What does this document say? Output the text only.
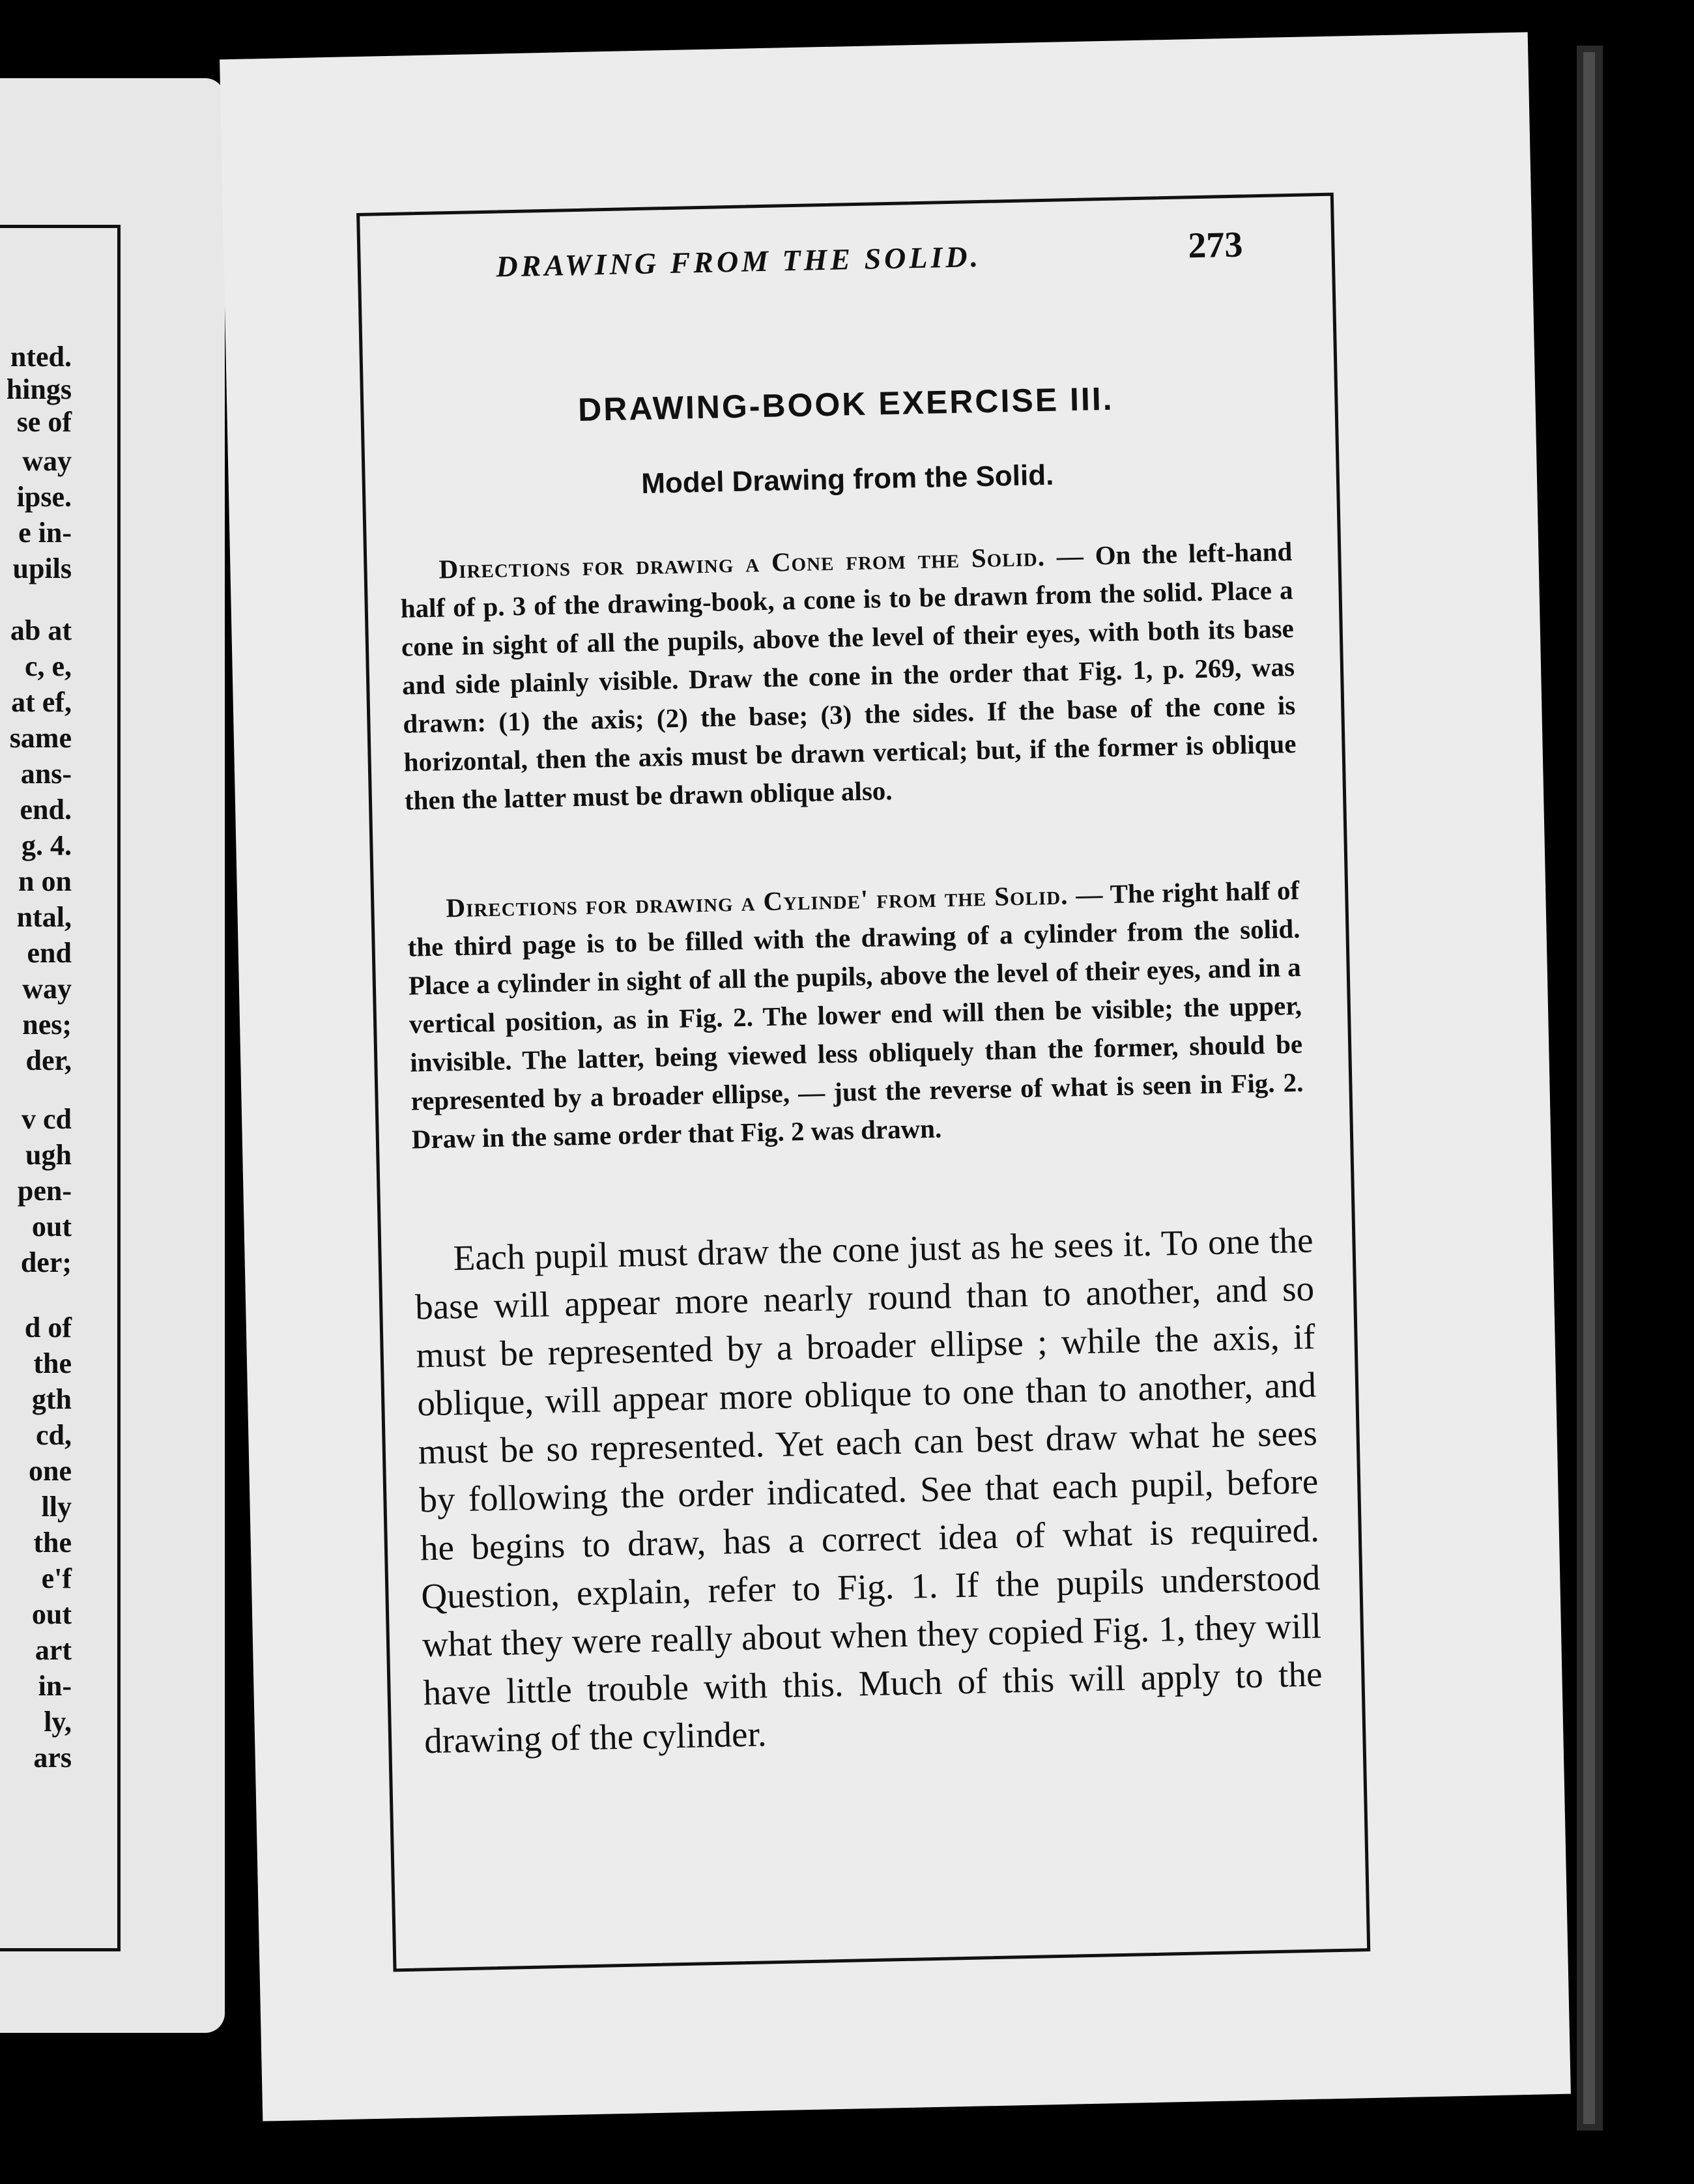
nted.
hings
se of
way
ipse.
e in-
upils
ab at
c, e,
at ef,
same
ans-
end.
g. 4.
n on
ntal,
end
way
nes;
der,
v cd
ugh
pen-
out
der;
d of
the
gth
cd,
one
lly
the
e'f
out
art
in-
ly,
ars
DRAWING FROM THE SOLID.	273
DRAWING-BOOK EXERCISE III.
Model Drawing from the Solid.
Directions for drawing a Cone from the Solid. — On the left-hand half of p. 3 of the drawing-book, a cone is to be drawn from the solid. Place a cone in sight of all the pupils, above the level of their eyes, with both its base and side plainly visible. Draw the cone in the order that Fig. 1, p. 269, was drawn: (1) the axis; (2) the base; (3) the sides. If the base of the cone is horizontal, then the axis must be drawn vertical; but, if the former is oblique then the latter must be drawn oblique also.
Directions for drawing a Cylinde' from the Solid. — The right half of the third page is to be filled with the drawing of a cylinder from the solid. Place a cylinder in sight of all the pupils, above the level of their eyes, and in a vertical position, as in Fig. 2. The lower end will then be visible; the upper, invisible. The latter, being viewed less obliquely than the former, should be represented by a broader ellipse, — just the reverse of what is seen in Fig. 2. Draw in the same order that Fig. 2 was drawn.
Each pupil must draw the cone just as he sees it. To one the base will appear more nearly round than to another, and so must be represented by a broader ellipse ; while the axis, if oblique, will appear more oblique to one than to another, and must be so represented. Yet each can best draw what he sees by following the order indicated. See that each pupil, before he begins to draw, has a correct idea of what is required. Question, explain, refer to Fig. 1. If the pupils understood what they were really about when they copied Fig. 1, they will have little trouble with this. Much of this will apply to the drawing of the cylinder.
